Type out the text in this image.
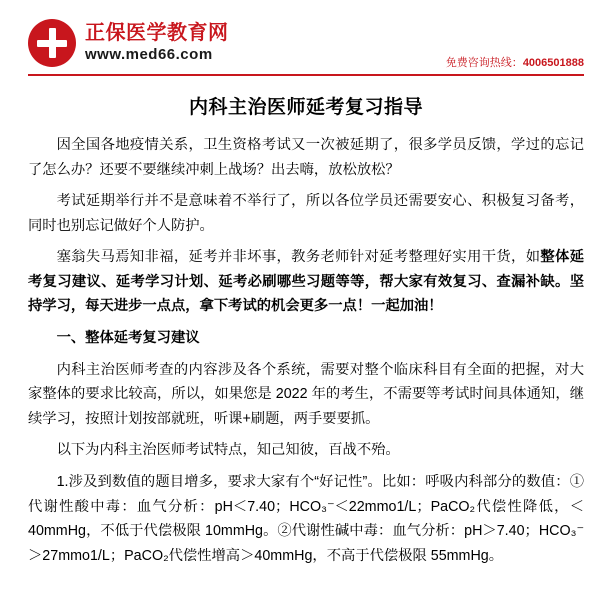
正保医学教育网
www.med66.com	免费咨询热线：4006501888
内科主治医师延考复习指导

因全国各地疫情关系，卫生资格考试又一次被延期了，很多学员反馈，学过的忘记了怎么办？还要不要继续冲刺上战场？出去嗨，放松放松？

考试延期举行并不是意味着不举行了，所以各位学员还需要安心、积极复习备考，同时也别忘记做好个人防护。

塞翁失马焉知非福，延考并非坏事，教务老师针对延考整理好实用干货，如整体延考复习建议、延考学习计划、延考必刷哪些习题等等，帮大家有效复习、查漏补缺。坚持学习，每天进步一点点，拿下考试的机会更多一点！一起加油！

一、整体延考复习建议

内科主治医师考查的内容涉及各个系统，需要对整个临床科目有全面的把握，对大家整体的要求比较高，所以，如果您是 2022 年的考生，不需要等考试时间具体通知，继续学习，按照计划按部就班，听课+刷题，两手要要抓。

以下为内科主治医师考试特点，知己知彼，百战不殆。

1.涉及到数值的题目增多，要求大家有个“好记性”。比如：呼吸内科部分的数值：①代谢性酸中毒：血气分析：pH＜7.40；HCO₃⁻＜22mmo1/L；PaCO₂代偿性降低，＜40mmHg，不低于代偿极限 10mmHg。②代谢性碱中毒：血气分析：pH＞7.40；HCO₃⁻＞27mmo1/L；PaCO₂代偿性增高＞40mmHg，不高于代偿极限 55mmHg。
